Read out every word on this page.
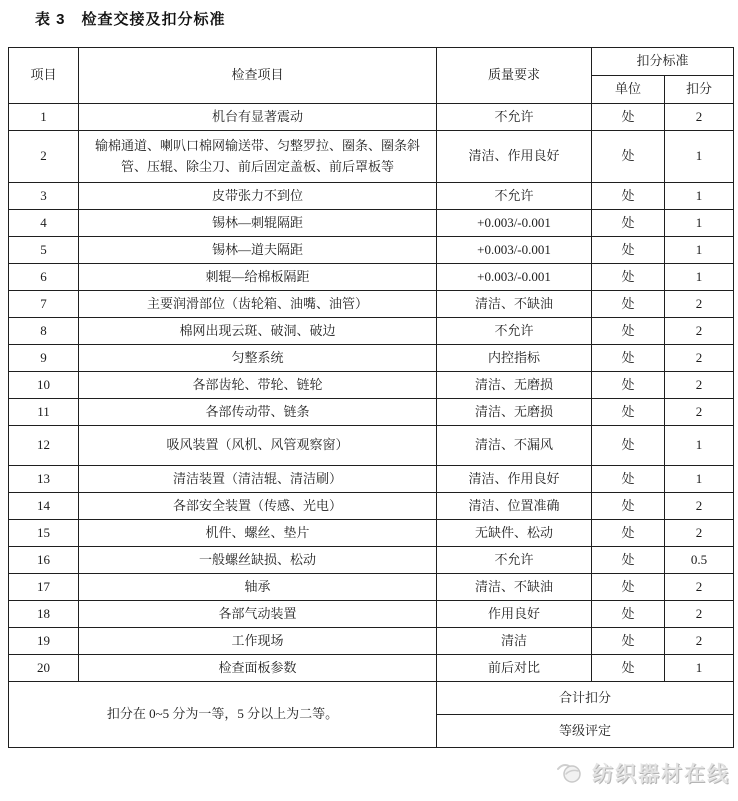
表 3　检查交接及扣分标准
项目	检查项目	质量要求	扣分标准	
			单位	扣分
1	机台有显著震动	不允许	处	2
2	输棉通道、喇叭口棉网输送带、匀整罗拉、圈条、圈条斜管、压辊、除尘刀、前后固定盖板、前后罩板等	清洁、作用良好	处	1
3	皮带张力不到位	不允许	处	1
4	锡林—刺辊隔距	+0.003/-0.001	处	1
5	锡林—道夫隔距	+0.003/-0.001	处	1
6	刺辊—给棉板隔距	+0.003/-0.001	处	1
7	主要润滑部位（齿轮箱、油嘴、油管）	清洁、不缺油	处	2
8	棉网出现云斑、破洞、破边	不允许	处	2
9	匀整系统	内控指标	处	2
10	各部齿轮、带轮、链轮	清洁、无磨损	处	2
11	各部传动带、链条	清洁、无磨损	处	2
12	吸风装置（风机、风管观察窗）	清洁、不漏风	处	1
13	清洁装置（清洁辊、清洁刷）	清洁、作用良好	处	1
14	各部安全装置（传感、光电）	清洁、位置准确	处	2
15	机件、螺丝、垫片	无缺件、松动	处	2
16	一般螺丝缺损、松动	不允许	处	0.5
17	轴承	清洁、不缺油	处	2
18	各部气动装置	作用良好	处	2
19	工作现场	清洁	处	2
20	检查面板参数	前后对比	处	1
扣分在 0~5 分为一等，5 分以上为二等。		合计扣分		
		等级评定		
纺织器材在线
